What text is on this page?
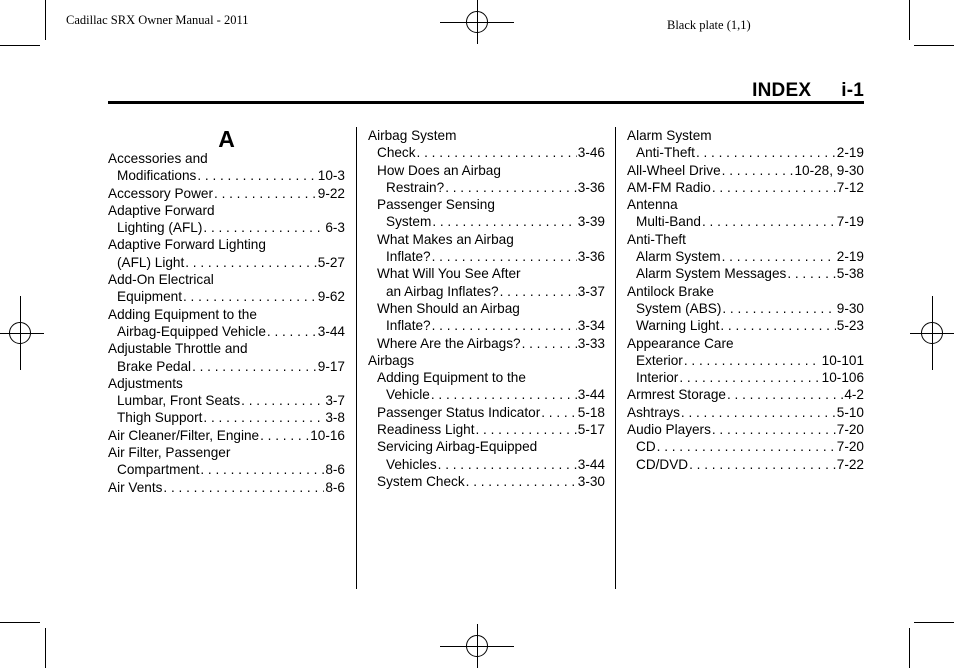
Cadillac SRX Owner Manual - 2011	Black plate (1,1)
INDEX i-1
A
Accessories and
Modifications . . .	10-3
Accessory Power . . .	9-22
Adaptive Forward
Lighting (AFL) . . .	6-3
Adaptive Forward Lighting
(AFL) Light . . .	5-27
Add-On Electrical
Equipment . . .	9-62
Adding Equipment to the
Airbag-Equipped Vehicle . . .	3-44
Adjustable Throttle and
Brake Pedal . . .	9-17
Adjustments
Lumbar, Front Seats . . .	3-7
Thigh Support . . .	3-8
Air Cleaner/Filter, Engine . . .	10-16
Air Filter, Passenger
Compartment . . .	8-6
Air Vents . . .	8-6
Airbag System
Check . . .	3-46
How Does an Airbag
Restrain? . . .	3-36
Passenger Sensing
System . . .	3-39
What Makes an Airbag
Inflate? . . .	3-36
What Will You See After
an Airbag Inflates? . . .	3-37
When Should an Airbag
Inflate? . . .	3-34
Where Are the Airbags? . . .	3-33
Airbags
Adding Equipment to the
Vehicle . . .	3-44
Passenger Status Indicator . . .	5-18
Readiness Light . . .	5-17
Servicing Airbag-Equipped
Vehicles . . .	3-44
System Check . . .	3-30
Alarm System
Anti-Theft . . .	2-19
All-Wheel Drive . . .	10-28, 9-30
AM-FM Radio . . .	7-12
Antenna
Multi-Band . . .	7-19
Anti-Theft
Alarm System . . .	2-19
Alarm System Messages . . .	5-38
Antilock Brake
System (ABS) . . .	9-30
Warning Light . . .	5-23
Appearance Care
Exterior . . .	10-101
Interior . . .	10-106
Armrest Storage . . .	4-2
Ashtrays . . .	5-10
Audio Players . . .	7-20
CD . . .	7-20
CD/DVD . . .	7-22
